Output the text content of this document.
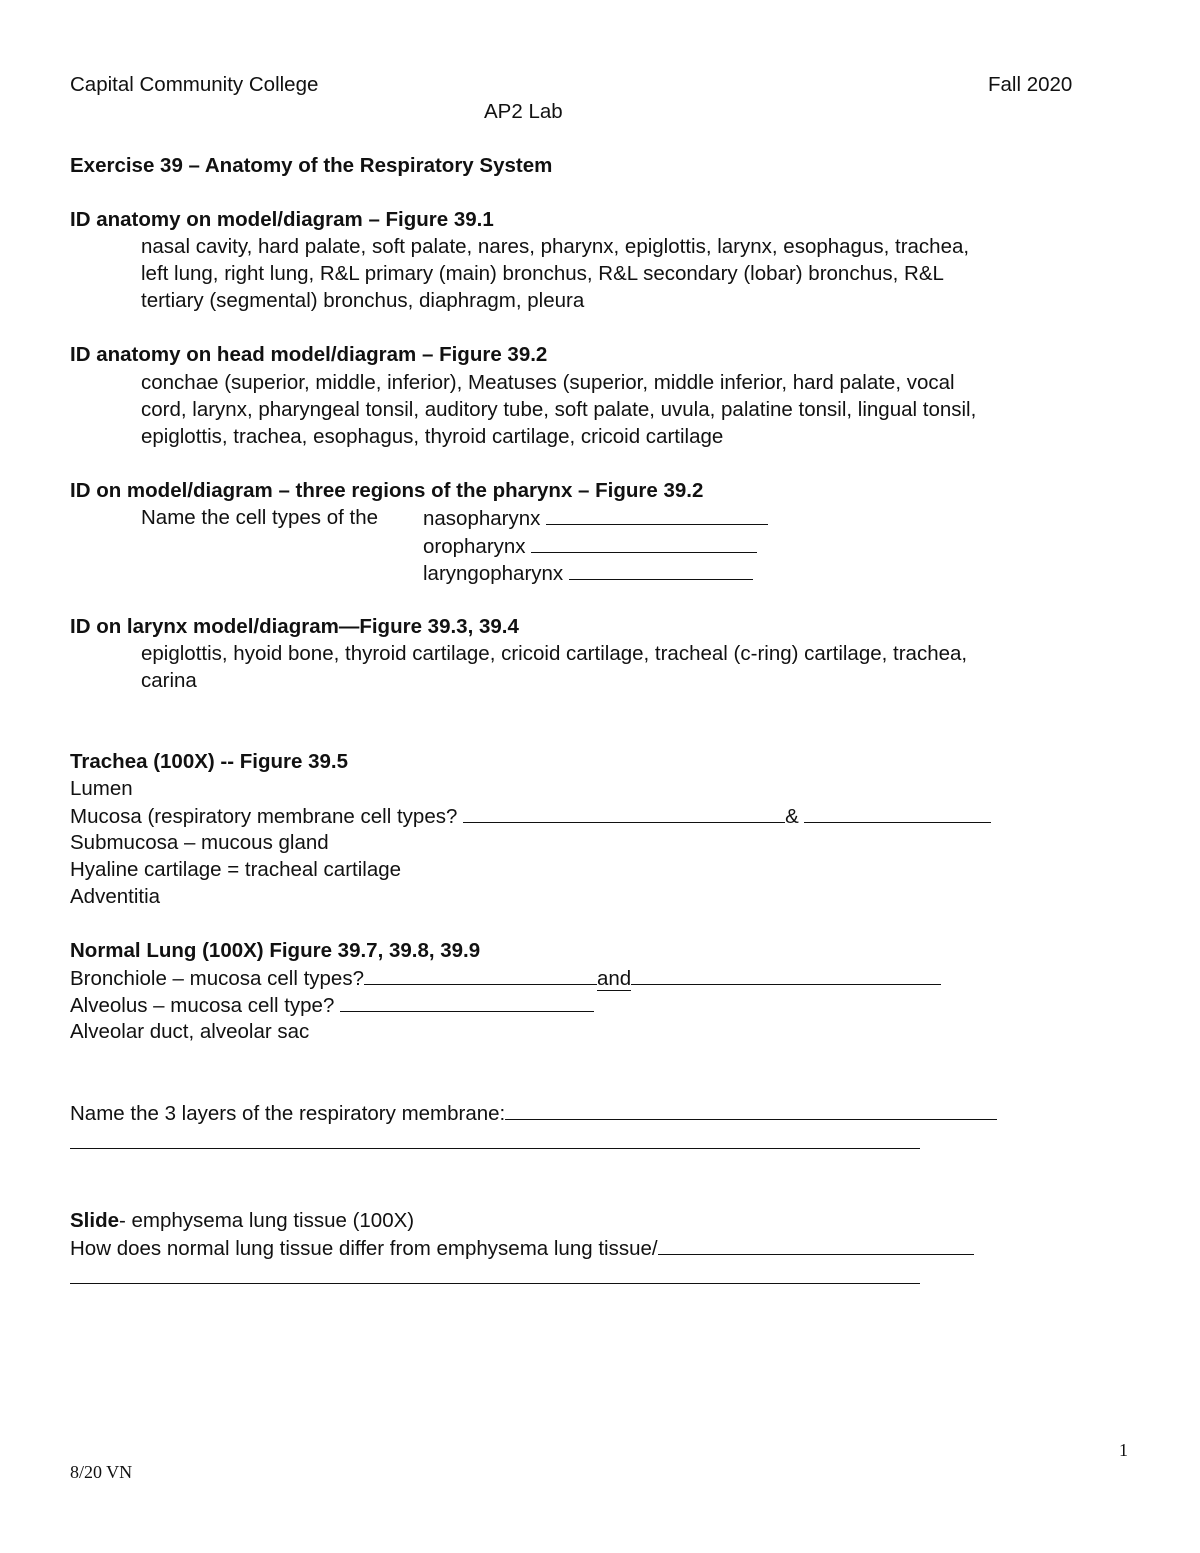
Capital Community College	Fall 2020
AP2 Lab
Exercise 39 – Anatomy of the Respiratory System
ID anatomy on model/diagram – Figure 39.1
nasal cavity, hard palate, soft palate, nares, pharynx, epiglottis, larynx, esophagus, trachea,
left lung, right lung, R&L primary (main) bronchus, R&L secondary (lobar) bronchus, R&L
tertiary (segmental) bronchus, diaphragm, pleura
ID anatomy on head model/diagram – Figure 39.2
conchae (superior, middle, inferior), Meatuses (superior, middle inferior, hard palate, vocal
cord, larynx, pharyngeal tonsil, auditory tube, soft palate, uvula, palatine tonsil, lingual tonsil,
epiglottis, trachea, esophagus, thyroid cartilage, cricoid cartilage
ID on model/diagram – three regions of the pharynx – Figure 39.2
Name the cell types of the nasopharynx
oropharynx
laryngopharynx
ID on larynx model/diagram—Figure 39.3, 39.4
epiglottis, hyoid bone, thyroid cartilage, cricoid cartilage, tracheal (c-ring) cartilage, trachea,
carina
Trachea (100X) -- Figure 39.5
Lumen
Mucosa (respiratory membrane cell types?	&
Submucosa – mucous gland
Hyaline cartilage = tracheal cartilage
Adventitia
Normal Lung (100X) Figure 39.7, 39.8, 39.9
Bronchiole – mucosa cell types?	and
Alveolus – mucosa cell type?
Alveolar duct, alveolar sac
Name the 3 layers of the respiratory membrane:
Slide- emphysema lung tissue (100X)
How does normal lung tissue differ from emphysema lung tissue/
1
8/20 VN
